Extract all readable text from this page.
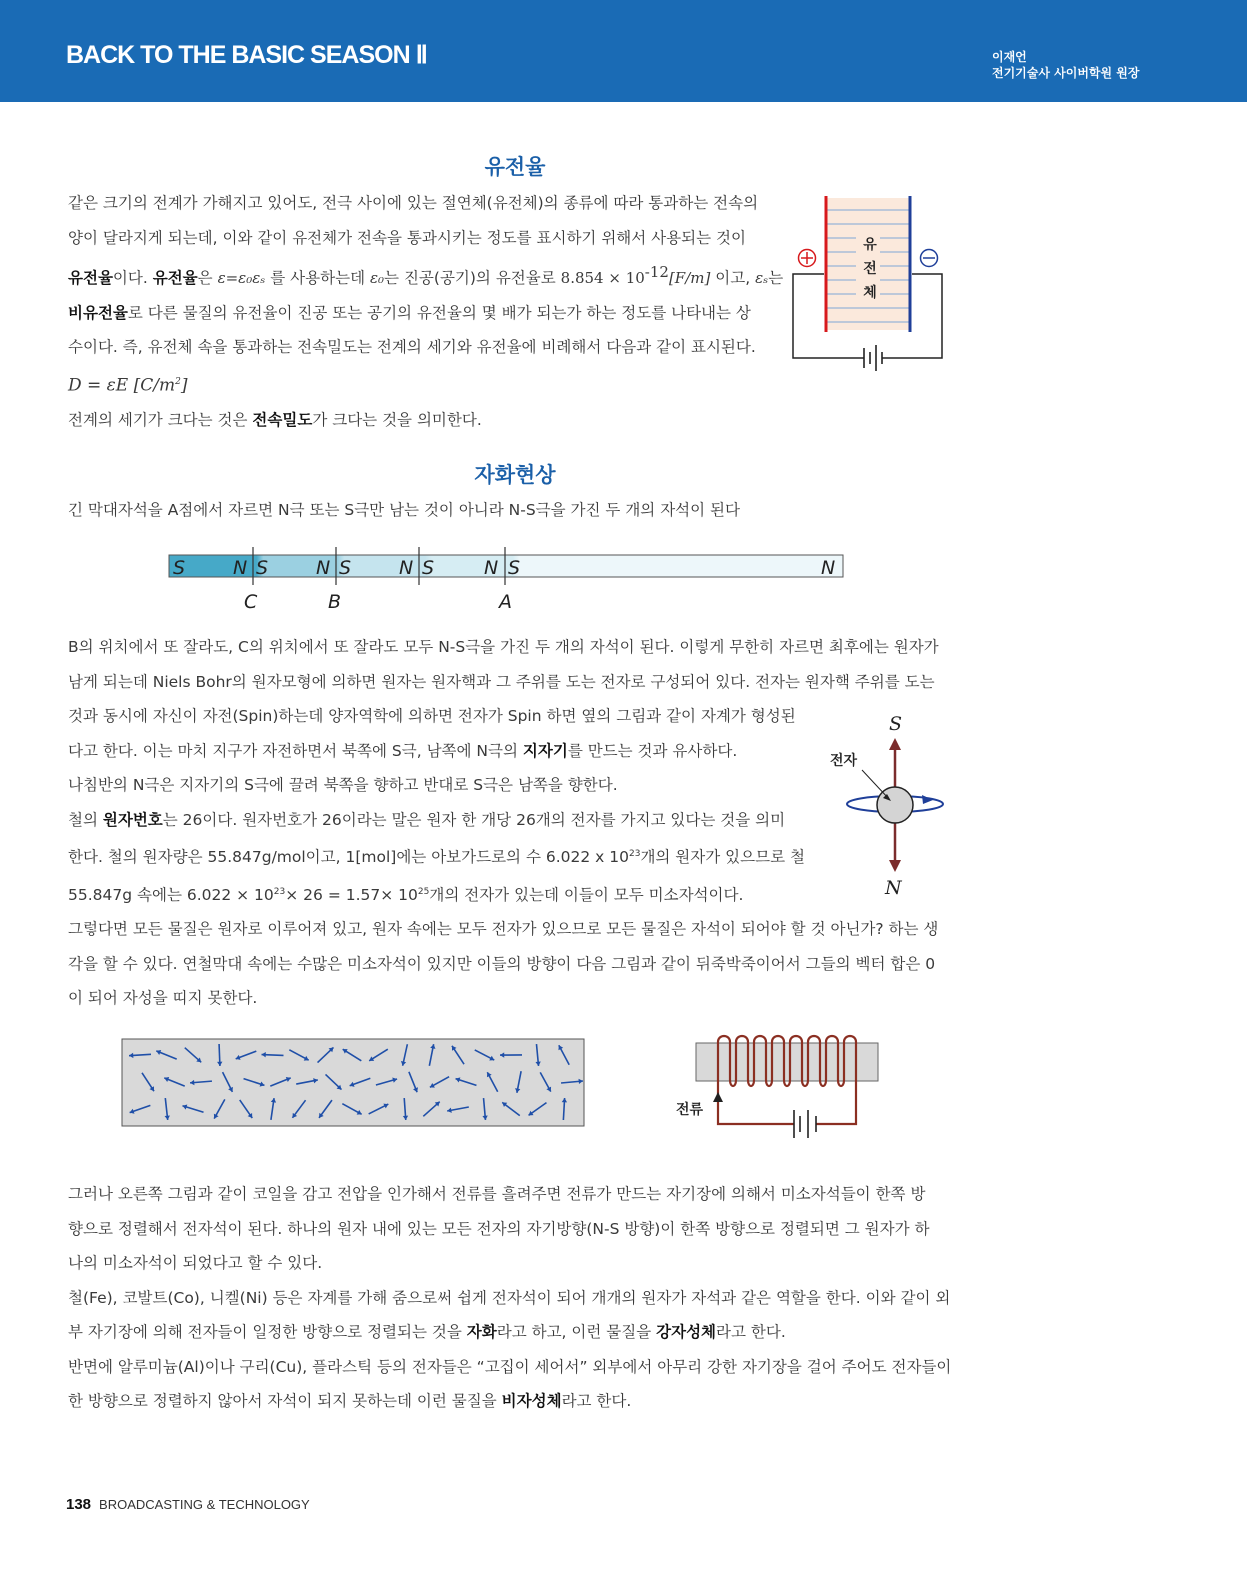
BACK TO THE BASIC SEASON Ⅱ	이재언
전기기술사 사이버학원 원장
유전율
같은 크기의 전계가 가해지고 있어도, 전극 사이에 있는 절연체(유전체)의 종류에 따라 통과하는 전속의
양이 달라지게 되는데, 이와 같이 유전체가 전속을 통과시키는 정도를 표시하기 위해서 사용되는 것이
유전율이다. 유전율은 ε=ε₀εₛ 를 사용하는데 ε₀는 진공(공기)의 유전율로 $8.854 \times 10^{-12}[F/m]$ 이고, εₛ는
비유전율로 다른 물질의 유전율이 진공 또는 공기의 유전율의 몇 배가 되는가 하는 정도를 나타내는 상
수이다. 즉, 유전체 속을 통과하는 전속밀도는 전계의 세기와 유전율에 비례해서 다음과 같이 표시된다.
D = εE $[C/m^2]$
전계의 세기가 크다는 것은 전속밀도가 크다는 것을 의미한다.
유
전
체
자화현상
긴 막대자석을 A점에서 자르면 N극 또는 S극만 남는 것이 아니라 N-S극을 가진 두 개의 자석이 된다
S	N S	N S	N S	N S	N
C	B	A
B의 위치에서 또 잘라도, C의 위치에서 또 잘라도 모두 N-S극을 가진 두 개의 자석이 된다. 이렇게 무한히 자르면 최후에는 원자가
남게 되는데 Niels Bohr의 원자모형에 의하면 원자는 원자핵과 그 주위를 도는 전자로 구성되어 있다. 전자는 원자핵 주위를 도는
것과 동시에 자신이 자전(Spin)하는데 양자역학에 의하면 전자가 Spin 하면 옆의 그림과 같이 자계가 형성된
다고 한다. 이는 마치 지구가 자전하면서 북쪽에 S극, 남쪽에 N극의 지자기를 만드는 것과 유사하다.
나침반의 N극은 지자기의 S극에 끌려 북쪽을 향하고 반대로 S극은 남쪽을 향한다.
철의 원자번호는 26이다. 원자번호가 26이라는 말은 원자 한 개당 26개의 전자를 가지고 있다는 것을 의미
한다. 철의 원자량은 55.847g/mol이고, 1[mol]에는 아보가드로의 수 6.022 x $10^{23}$개의 원자가 있으므로 철
55.847g 속에는 $6.022 \times 10^{23}\times 26 = 1.57\times 10^{25}$개의 전자가 있는데 이들이 모두 미소자석이다.
그렇다면 모든 물질은 원자로 이루어져 있고, 원자 속에는 모두 전자가 있으므로 모든 물질은 자석이 되어야 할 것 아닌가? 하는 생
각을 할 수 있다. 연철막대 속에는 수많은 미소자석이 있지만 이들의 방향이 다음 그림과 같이 뒤죽박죽이어서 그들의 벡터 합은 0
이 되어 자성을 띠지 못한다.
S
전자
N
전류
그러나 오른쪽 그림과 같이 코일을 감고 전압을 인가해서 전류를 흘려주면 전류가 만드는 자기장에 의해서 미소자석들이 한쪽 방
향으로 정렬해서 전자석이 된다. 하나의 원자 내에 있는 모든 전자의 자기방향(N-S 방향)이 한쪽 방향으로 정렬되면 그 원자가 하
나의 미소자석이 되었다고 할 수 있다.
철(Fe), 코발트(Co), 니켈(Ni) 등은 자계를 가해 줌으로써 쉽게 전자석이 되어 개개의 원자가 자석과 같은 역할을 한다. 이와 같이 외
부 자기장에 의해 전자들이 일정한 방향으로 정렬되는 것을 자화라고 하고, 이런 물질을 강자성체라고 한다.
반면에 알루미늄(Al)이나 구리(Cu), 플라스틱 등의 전자들은 “고집이 세어서” 외부에서 아무리 강한 자기장을 걸어 주어도 전자들이
한 방향으로 정렬하지 않아서 자석이 되지 못하는데 이런 물질을 비자성체라고 한다.
138 BROADCASTING & TECHNOLOGY
